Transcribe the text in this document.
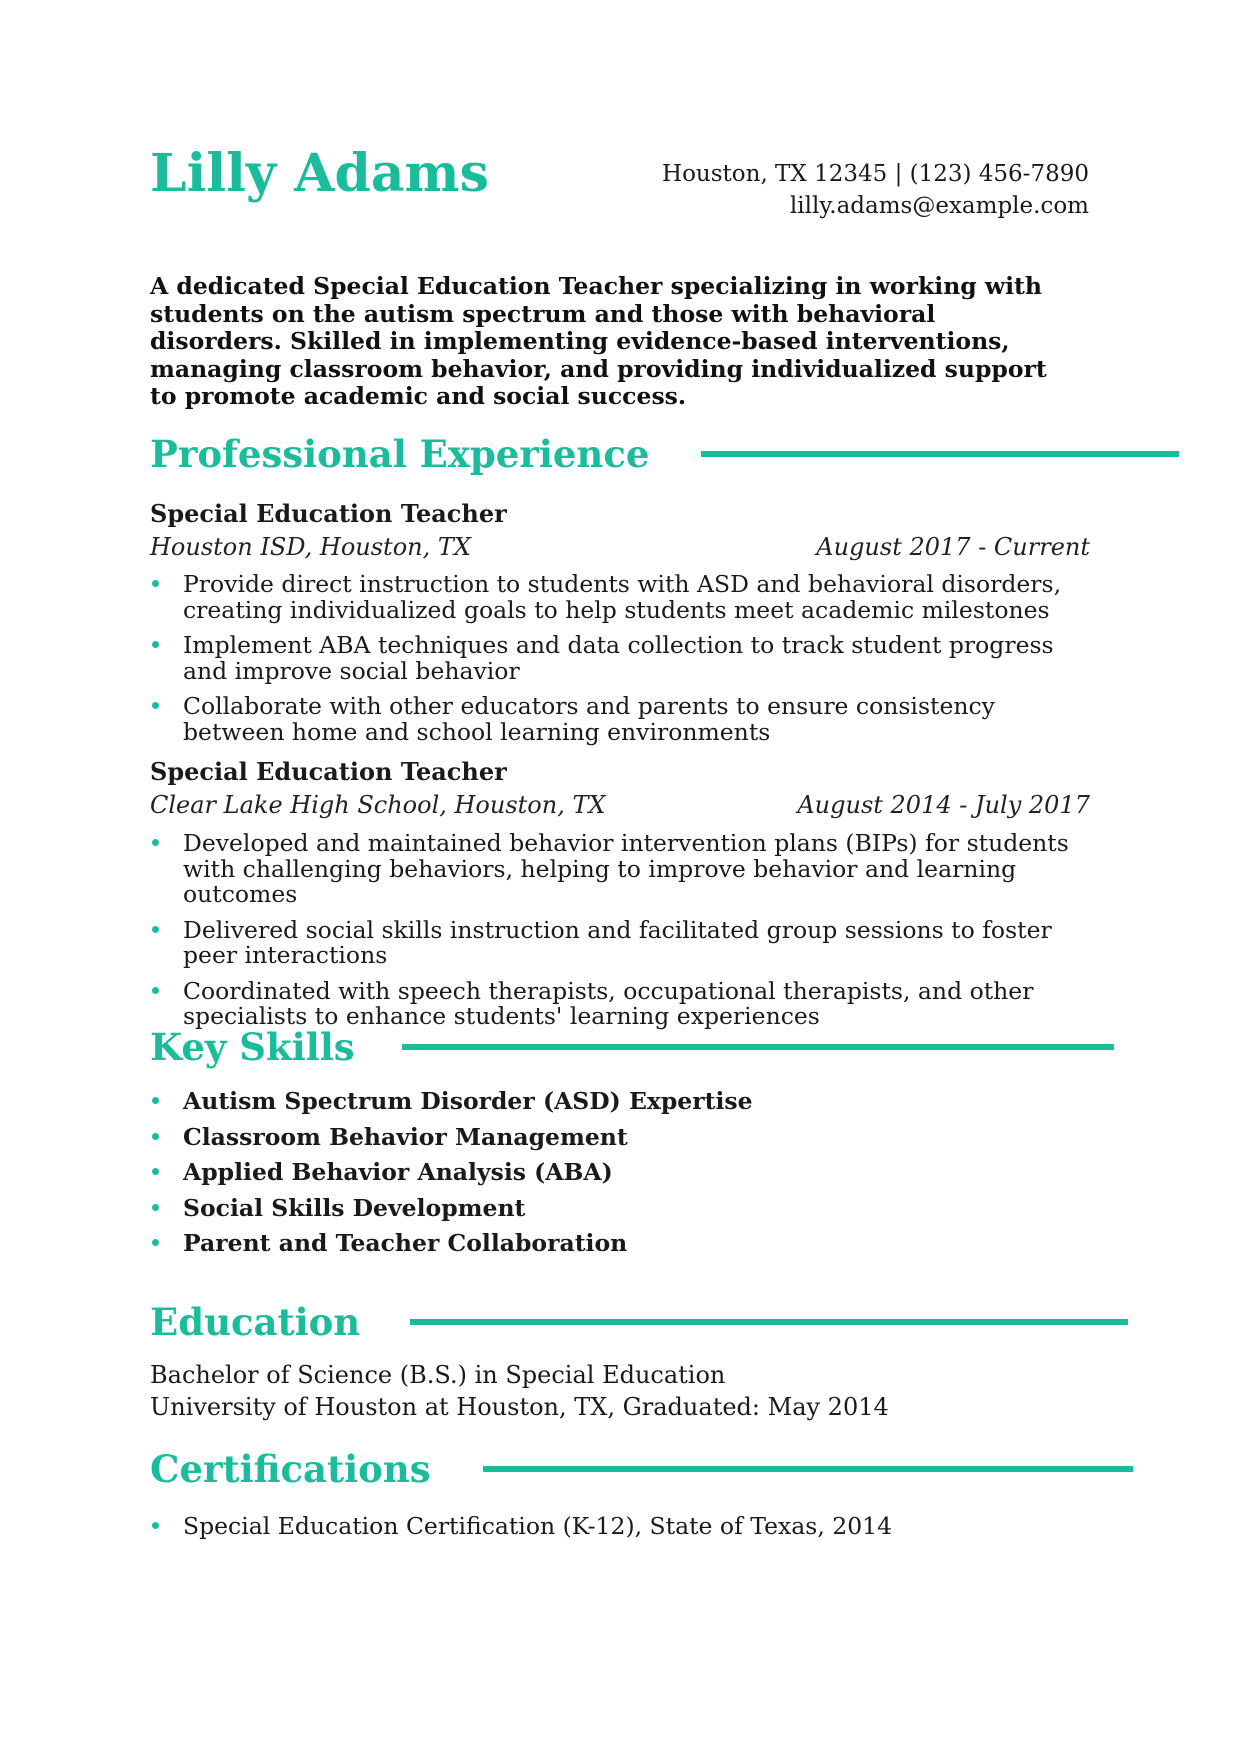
Lilly Adams	Houston, TX 12345 | (123) 456-7890
lilly.adams@example.com

A dedicated Special Education Teacher specializing in working with students on the autism spectrum and those with behavioral disorders. Skilled in implementing evidence-based interventions, managing classroom behavior, and providing individualized support to promote academic and social success.

Professional Experience
Special Education Teacher
Houston ISD, Houston, TX	August 2017 - Current
Provide direct instruction to students with ASD and behavioral disorders, creating individualized goals to help students meet academic milestones
Implement ABA techniques and data collection to track student progress and improve social behavior
Collaborate with other educators and parents to ensure consistency between home and school learning environments
Special Education Teacher
Clear Lake High School, Houston, TX	August 2014 - July 2017
Developed and maintained behavior intervention plans (BIPs) for students with challenging behaviors, helping to improve behavior and learning outcomes
Delivered social skills instruction and facilitated group sessions to foster peer interactions
Coordinated with speech therapists, occupational therapists, and other specialists to enhance students' learning experiences
Key Skills
Autism Spectrum Disorder (ASD) Expertise
Classroom Behavior Management
Applied Behavior Analysis (ABA)
Social Skills Development
Parent and Teacher Collaboration
Education
Bachelor of Science (B.S.) in Special Education
University of Houston at Houston, TX, Graduated: May 2014
Certifications
Special Education Certification (K-12), State of Texas, 2014
